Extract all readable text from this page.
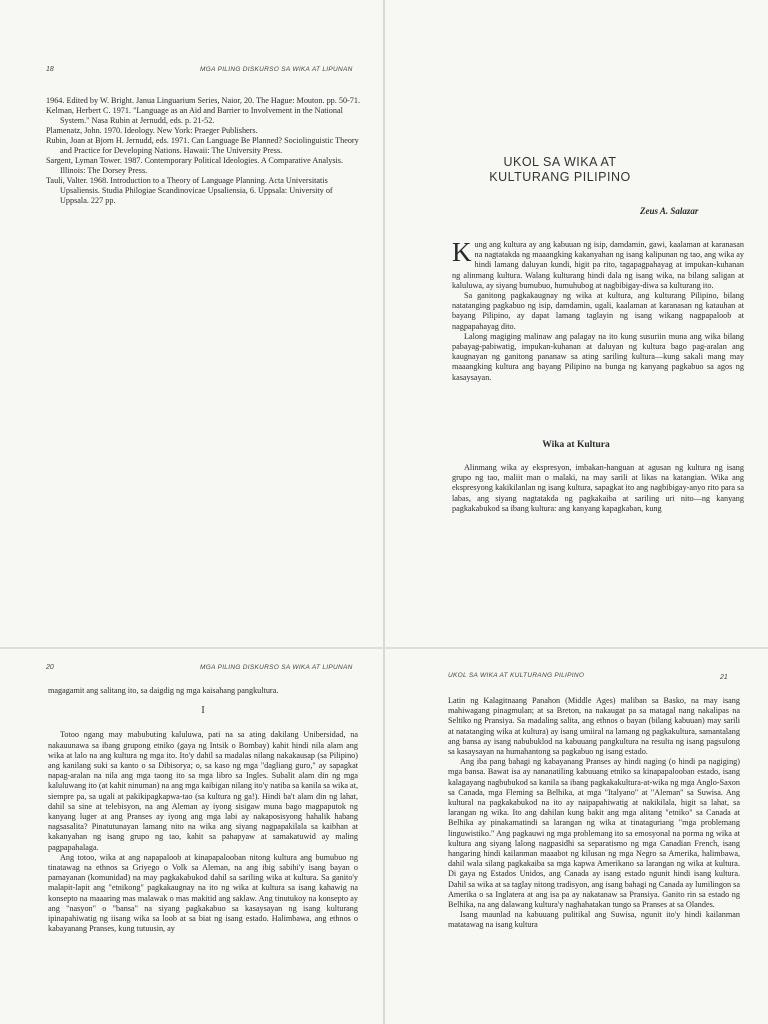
18	MGA PILING DISKURSO SA WIKA AT LIPUNAN

1964. Edited by W. Bright. Janua Linguarium Series, Naior, 20. The Hague: Mouton. pp. 50-71.

Kelman, Herbert C. 1971. "Language as an Aid and Barrier to Involvement in the National System." Nasa Rubin at Jernudd, eds. p. 21-52.

Plamenatz, John. 1970. Ideology. New York: Praeger Publishers.

Rubin, Joan at Bjorn H. Jernudd, eds. 1971. Can Language Be Planned? Sociolinguistic Theory and Practice for Developing Nations. Hawaii: The University Press.

Sargent, Lyman Tower. 1987. Contemporary Political Ideologies. A Comparative Analysis. Illinois: The Dorsey Press.

Tauli, Valter. 1968. Introduction to a Theory of Language Planning. Acta Universitatis Upsaliensis. Studia Philogiae Scandinovicae Upsaliensia, 6. Uppsala: University of Uppsala. 227 pp.

Kung ang kultura ay ang kabuuan ng isip, damdamin, gawi, kaalaman at karanasan na nagtatakda ng maaangking kakanyahan ng isang kalipunan ng tao, ang wika ay hindi lamang daluyan kundi, higit pa rito, tagapagpahayag at impukan-kuhanan ng alinmang kultura. Walang kulturang hindi dala ng isang wika, na bilang saligan at kaluluwa, ay siyang bumubuo, humuhubog at nagbibigay-diwa sa kulturang ito.

Sa ganitong pagkakaugnay ng wika at kultura, ang kulturang Pilipino, bilang natatanging pagkabuo ng isip, damdamin, ugali, kaalaman at karanasan ng katauhan at bayang Pilipino, ay dapat lamang taglayin ng isang wikang nagpapaloob at nagpapahayag dito.

Lalong magiging malinaw ang palagay na ito kung susuriin muna ang wika bilang pabayag-pabiwatig, impukan-kuhanan at daluyan ng kultura bago pag-aralan ang kaugnayan ng ganitong pananaw sa ating sariling kultura—kung sakali mang may maaangking kultura ang bayang Pilipino na bunga ng kanyang pagkabuo sa agos ng kasaysayan.

Alinmang wika ay ekspresyon, imbakan-hanguan at agusan ng kultura ng isang grupo ng tao, maliit man o malaki, na may sarili at likas na katangian. Wika ang ekspresyong kakikilanlan ng isang kultura, sapagkat ito ang nagbibigay-anyo rito para sa labas, ang siyang nagtatakda ng pagkakaiba at sariling uri nito—ng kanyang pagkakabukod sa ibang kultura: ang kanyang kapagkaban, kung

UKOL SA WIKA AT
KULTURANG PILIPINO
Zeus A. Salazar
Wika at Kultura
20	MGA PILING DISKURSO SA WIKA AT LIPUNAN

magagamit ang salitang ito, sa daigdig ng mga kaisahang pangkultura.

I

Totoo ngang may mabubuting kaluluwa, pati na sa ating dakilang Unibersidad, na nakauunawa sa ibang grupong etniko (gaya ng Intsik o Bombay) kahit hindi nila alam ang wika at lalo na ang kultura ng mga ito. Ito'y dahil sa madalas nilang nakakausap (sa Pilipino) ang kanilang suki sa kanto o sa Dibisorya; o, sa kaso ng mga "dagliang guro," ay sapagkat napag-aralan na nila ang mga taong ito sa mga libro sa Ingles. Subalit alam din ng mga kaluluwang ito (at kahit ninuman) na ang mga kaibigan nilang ito'y natiba sa kanila sa wika at, siempre pa, sa ugali at pakikipagkapwa-tao (sa kultura ng ga!). Hindi ba't alam din ng lahat, dahil sa sine at telebisyon, na ang Aleman ay iyong sisigaw muna bago magpaputok ng kanyang luger at ang Pranses ay iyong ang mga labi ay nakaposisyong hahalik habang nagsasalita? Pinatutunayan lamang nito na wika ang siyang nagpapakilala sa kaibhan at kakanyahan ng isang grupo ng tao, kahit sa pahapyaw at samakatuwid ay maling pagpapahalaga.

Ang totoo, wika at ang napapaloob at kinapapalooban nitong kultura ang bumubuo ng tinatawag na ethnos sa Griyego o Volk sa Aleman, na ang ibig sabihi'y isang bayan o pamayanan (komunidad) na may pagkakabukod dahil sa sariling wika at kultura. Sa ganito'y malapit-lapit ang "etnikong" pagkakaugnay na ito ng wika at kultura sa isang kahawig na konsepto na maaaring mas malawak o mas makitid ang saklaw. Ang tinutukoy na konsepto ay ang "nasyon" o "bansa" na siyang pagkakabuo sa kasaysayan ng isang kulturang ipinapahiwatig ng iisang wika sa loob at sa biat ng isang estado. Halimbawa, ang ethnos o kabayanang Pranses, kung tutuusin, ay

UKOL SA WIKA AT KULTURANG PILIPINO	21

Latin ng Kalagitnaang Panahon (Middle Ages) maliban sa Basko, na may isang mahiwagang pinagmulan; at sa Breton, na nakaugat pa sa matagal nang nakalipas na Seltiko ng Pransiya. Sa madaling salita, ang ethnos o bayan (bilang kabuuan) may sarili at natatanging wika at kultura) ay isang umiiral na lamang ng pagkakultura, samantalang ang bansa ay isang nabubuklod na kabuuang pangkultura na resulta ng isang pagsulong sa kasaysayan na humahantong sa pagkabuo ng isang estado.

Ang iba pang bahagi ng kabayanang Pranses ay hindi naging (o hindi pa nagiging) mga bansa. Bawat isa ay nananatiling kabuuang etniko sa kinapapalooban estado, isang kalagayang nagbubukod sa kanila sa ibang pagkakakultura-at-wika ng mga Anglo-Saxon sa Canada, mga Fleming sa Belhika, at mga "Italyano" at "Aleman" sa Suwisa. Ang kultural na pagkakabukod na ito ay naipapahiwatig at nakikilala, higit sa lahat, sa larangan ng wika. Ito ang dahilan kung bakit ang mga alitang "etniko" sa Canada at Belhika ay pinakamatindi sa larangan ng wika at tinataguriang "mga problemang linguwistiko." Ang pagkauwi ng mga problemang ito sa emosyonal na porma ng wika at kultura ang siyang lalong nagpasidhi sa separatismo ng mga Canadian French, isang hangaring hindi kailanman maaabot ng kilusan ng mga Negro sa Amerika, halimbawa, dahil wala silang pagkakaiba sa mga kapwa Amerikano sa larangan ng wika at kultura. Di gaya ng Estados Unidos, ang Canada ay isang estado ngunit hindi isang kultura. Dahil sa wika at sa taglay nitong tradisyon, ang isang bahagi ng Canada ay lumilingon sa Amerika o sa Inglatera at ang isa pa ay nakatanaw sa Pransiya. Ganito rin sa estado ng Belhika, na ang dalawang kultura'y naghahatakan tungo sa Pranses at sa Olandes.

Isang maunlad na kabuuang pulitikal ang Suwisa, ngunit ito'y hindi kailanman matatawag na isang kultura
